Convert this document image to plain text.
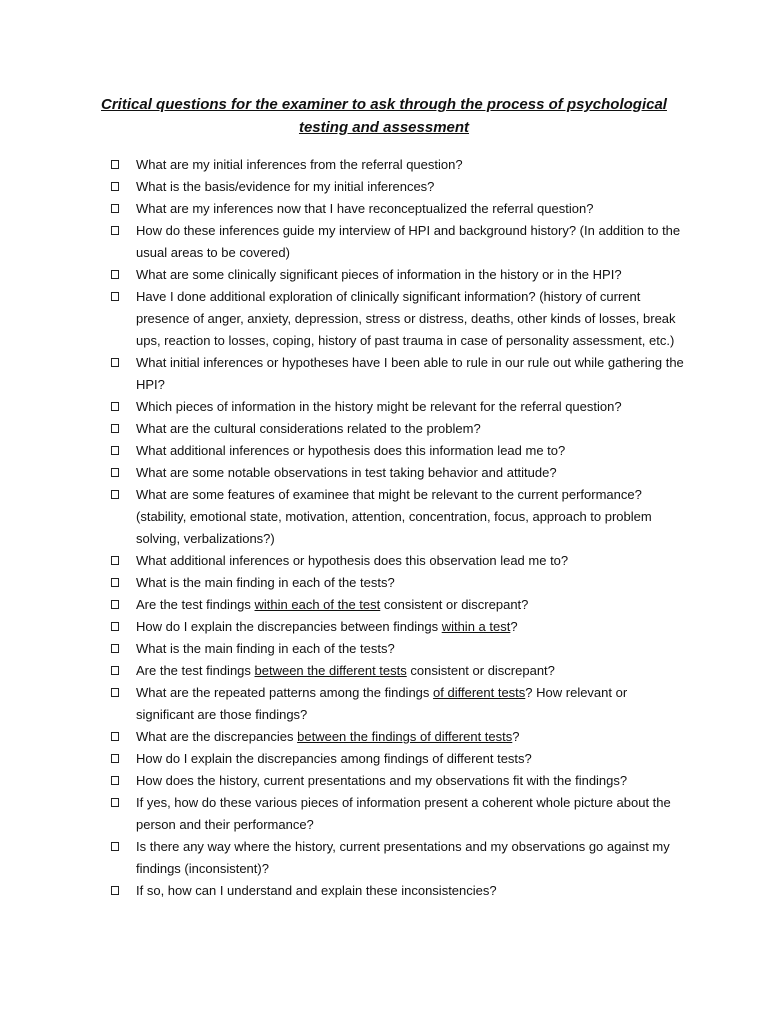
Critical questions for the examiner to ask through the process of psychological testing and assessment
What are my initial inferences from the referral question?
What is the basis/evidence for my initial inferences?
What are my inferences now that I have reconceptualized the referral question?
How do these inferences guide my interview of HPI and background history? (In addition to the usual areas to be covered)
What are some clinically significant pieces of information in the history or in the HPI?
Have I done additional exploration of clinically significant information? (history of current presence of anger, anxiety, depression, stress or distress, deaths, other kinds of losses, break ups, reaction to losses, coping, history of past trauma in case of personality assessment, etc.)
What initial inferences or hypotheses have I been able to rule in our rule out while gathering the HPI?
Which pieces of information in the history might be relevant for the referral question?
What are the cultural considerations related to the problem?
What additional inferences or hypothesis does this information lead me to?
What are some notable observations in test taking behavior and attitude?
What are some features of examinee that might be relevant to the current performance? (stability, emotional state, motivation, attention, concentration, focus, approach to problem solving, verbalizations?)
What additional inferences or hypothesis does this observation lead me to?
What is the main finding in each of the tests?
Are the test findings within each of the test consistent or discrepant?
How do I explain the discrepancies between findings within a test?
What is the main finding in each of the tests?
Are the test findings between the different tests consistent or discrepant?
What are the repeated patterns among the findings of different tests? How relevant or significant are those findings?
What are the discrepancies between the findings of different tests?
How do I explain the discrepancies among findings of different tests?
How does the history, current presentations and my observations fit with the findings?
If yes, how do these various pieces of information present a coherent whole picture about the person and their performance?
Is there any way where the history, current presentations and my observations go against my findings (inconsistent)?
If so, how can I understand and explain these inconsistencies?
